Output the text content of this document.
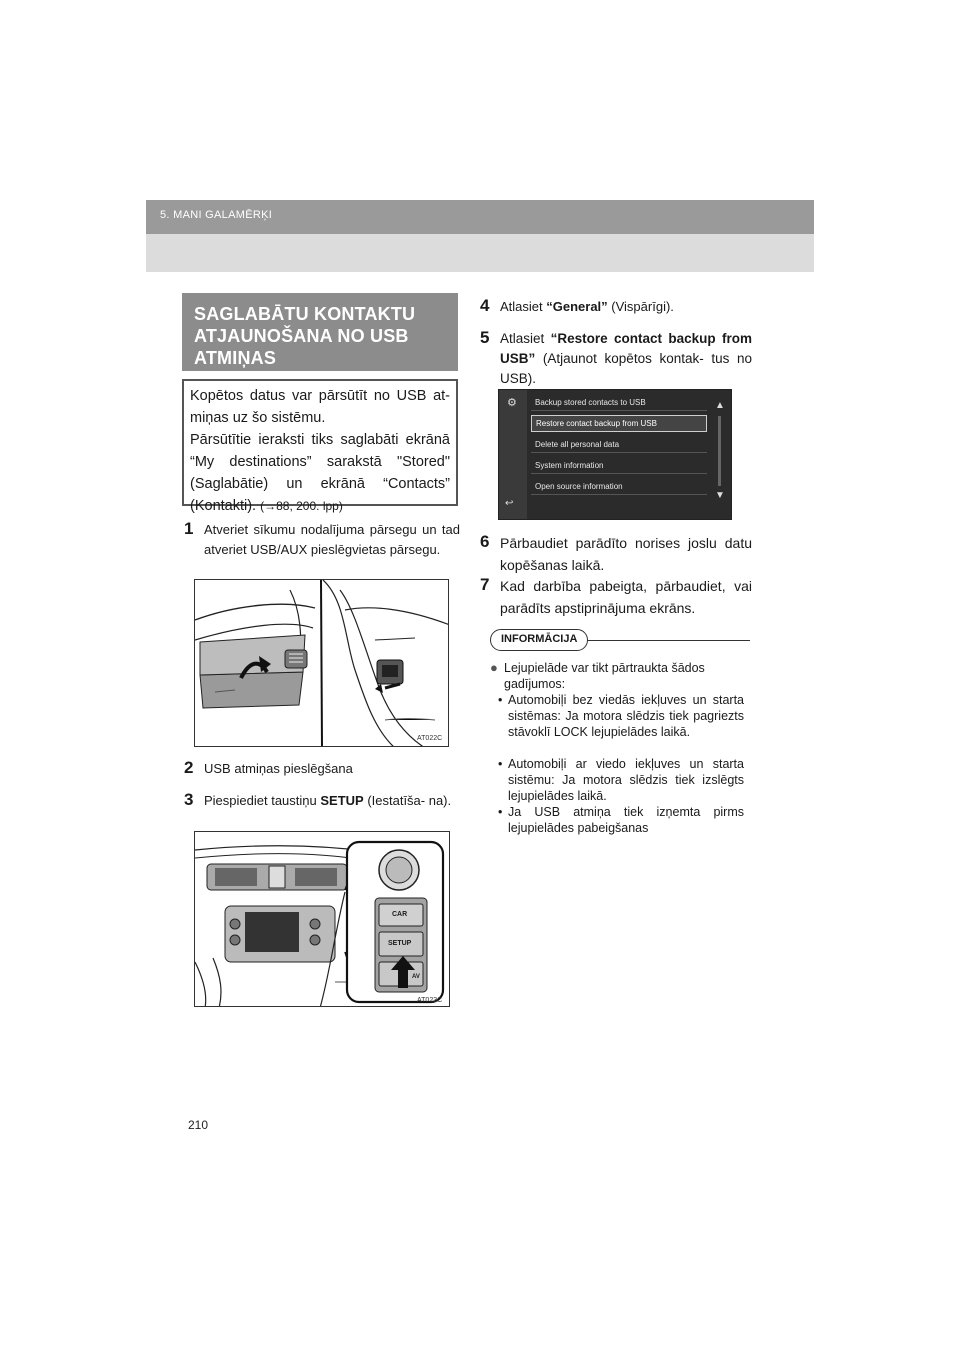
5. MANI GALAMĒRĶI
SAGLABĀTU KONTAKTU ATJAUNOŠANA NO USB ATMIŅAS

Kopētos datus var pārsūtīt no USB at- miņas uz šo sistēmu.

Pārsūtītie ieraksti tiks saglabāti ekrānā “My destinations” sarakstā "Stored" (Saglabātie) un ekrānā “Contacts” (Kontakti). (→88, 200. lpp)

1 Atveriet sīkumu nodalījuma pārsegu un tad atveriet USB/AUX pieslēgvietas pārsegu.
AT022C
2 USB atmiņas pieslēgšana
3 Piespiediet taustiņu SETUP (Iestatīša- na).
CAR
SETUP
AV
AT023C
4 Atlasiet “General” (Vispārīgi).
5 Atlasiet “Restore contact backup from USB” (Atjaunot kopētos kontak- tus no USB).
⚙
↩
Backup stored contacts to USB
Restore contact backup from USB
Delete all personal data
System information
Open source information
▲
▼
6 Pārbaudiet parādīto norises joslu datu kopēšanas laikā.
7 Kad darbība pabeigta, pārbaudiet, vai parādīts apstiprinājuma ekrāns.
INFORMĀCIJA
● Lejupielāde var tikt pārtraukta šādos gadījumos:
• Automobiļi bez viedās iekļuves un starta sistēmas: Ja motora slēdzis tiek pagriezts stāvoklī LOCK lejupielādes laikā.
• Automobiļi ar viedo iekļuves un starta sistēmu: Ja motora slēdzis tiek izslēgts lejupielādes laikā.
• Ja USB atmiņa tiek izņemta pirms lejupielādes pabeigšanas
210
